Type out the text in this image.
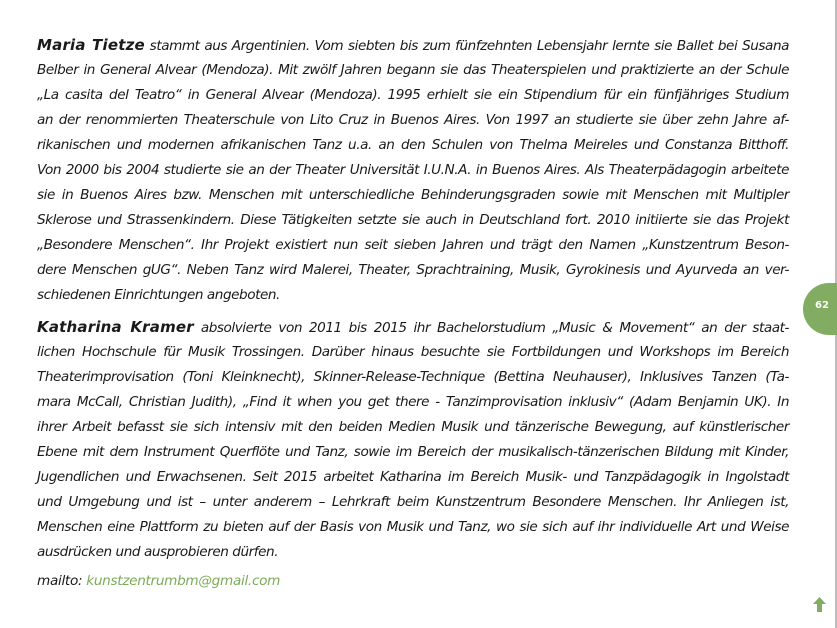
Maria Tietze stammt aus Argentinien. Vom siebten bis zum fünfzehnten Lebensjahr lernte sie Ballet bei Susana
Belber in General Alvear (Mendoza). Mit zwölf Jahren begann sie das Theaterspielen und praktizierte an der Schule
„La casita del Teatro“ in General Alvear (Mendoza). 1995 erhielt sie ein Stipendium für ein fünfjähriges Studium
an der renommierten Theaterschule von Lito Cruz in Buenos Aires. Von 1997 an studierte sie über zehn Jahre af-
rikanischen und modernen afrikanischen Tanz u.a. an den Schulen von Thelma Meireles und Constanza Bitthoff.
Von 2000 bis 2004 studierte sie an der Theater Universität I.U.N.A. in Buenos Aires. Als Theaterpädagogin arbeitete
sie in Buenos Aires bzw. Menschen mit unterschiedliche Behinderungsgraden sowie mit Menschen mit Multipler
Sklerose und Strassenkindern. Diese Tätigkeiten setzte sie auch in Deutschland fort. 2010 initiierte sie das Projekt
„Besondere Menschen“. Ihr Projekt existiert nun seit sieben Jahren und trägt den Namen „Kunstzentrum Beson-
dere Menschen gUG“. Neben Tanz wird Malerei, Theater, Sprachtraining, Musik, Gyrokinesis und Ayurveda an ver-
schiedenen Einrichtungen angeboten.
Katharina Kramer absolvierte von 2011 bis 2015 ihr Bachelorstudium „Music & Movement“ an der staat-
lichen Hochschule für Musik Trossingen. Darüber hinaus besuchte sie Fortbildungen und Workshops im Bereich
Theaterimprovisation (Toni Kleinknecht), Skinner-Release-Technique (Bettina Neuhauser), Inklusives Tanzen (Ta-
mara McCall, Christian Judith), „Find it when you get there - Tanzimprovisation inklusiv“ (Adam Benjamin UK). In
ihrer Arbeit befasst sie sich intensiv mit den beiden Medien Musik und tänzerische Bewegung, auf künstlerischer
Ebene mit dem Instrument Querflöte und Tanz, sowie im Bereich der musikalisch-tänzerischen Bildung mit Kinder,
Jugendlichen und Erwachsenen. Seit 2015 arbeitet Katharina im Bereich Musik- und Tanzpädagogik in Ingolstadt
und Umgebung und ist – unter anderem – Lehrkraft beim Kunstzentrum Besondere Menschen. Ihr Anliegen ist,
Menschen eine Plattform zu bieten auf der Basis von Musik und Tanz, wo sie sich auf ihr individuelle Art und Weise
ausdrücken und ausprobieren dürfen.
mailto: kunstzentrumbm@gmail.com
62
